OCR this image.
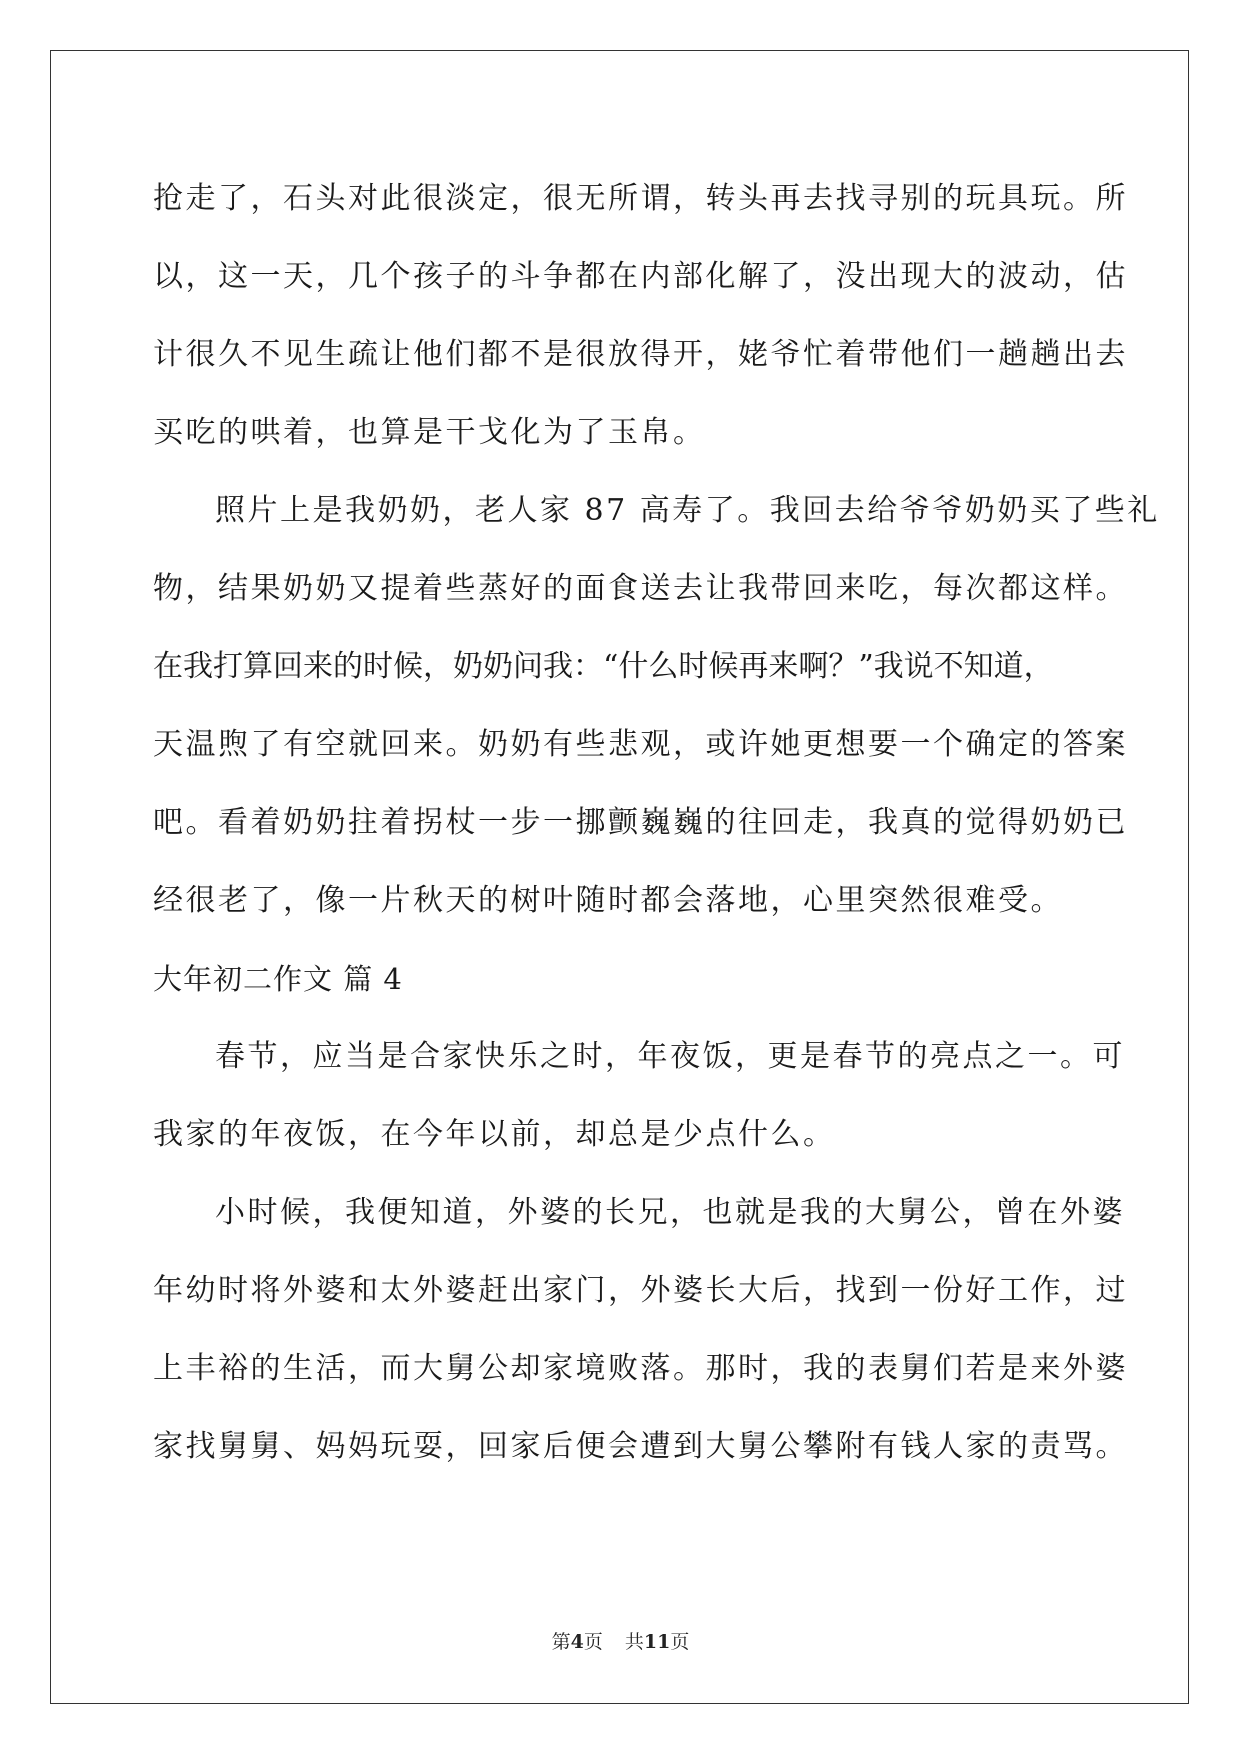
抢走了，石头对此很淡定，很无所谓，转头再去找寻别的玩具玩。所
以，这一天，几个孩子的斗争都在内部化解了，没出现大的波动，估
计很久不见生疏让他们都不是很放得开，姥爷忙着带他们一趟趟出去
买吃的哄着，也算是干戈化为了玉帛。
照片上是我奶奶，老人家 87 高寿了。我回去给爷爷奶奶买了些礼
物，结果奶奶又提着些蒸好的面食送去让我带回来吃，每次都这样。
在我打算回来的时候，奶奶问我：“什么时候再来啊？”我说不知道，
天温煦了有空就回来。奶奶有些悲观，或许她更想要一个确定的答案
吧。看着奶奶拄着拐杖一步一挪颤巍巍的往回走，我真的觉得奶奶已
经很老了，像一片秋天的树叶随时都会落地，心里突然很难受。
大年初二作文 篇 4
春节，应当是合家快乐之时，年夜饭，更是春节的亮点之一。可
我家的年夜饭，在今年以前，却总是少点什么。
小时候，我便知道，外婆的长兄，也就是我的大舅公，曾在外婆
年幼时将外婆和太外婆赶出家门，外婆长大后，找到一份好工作，过
上丰裕的生活，而大舅公却家境败落。那时，我的表舅们若是来外婆
家找舅舅、妈妈玩耍，回家后便会遭到大舅公攀附有钱人家的责骂。
第4页 共11页
